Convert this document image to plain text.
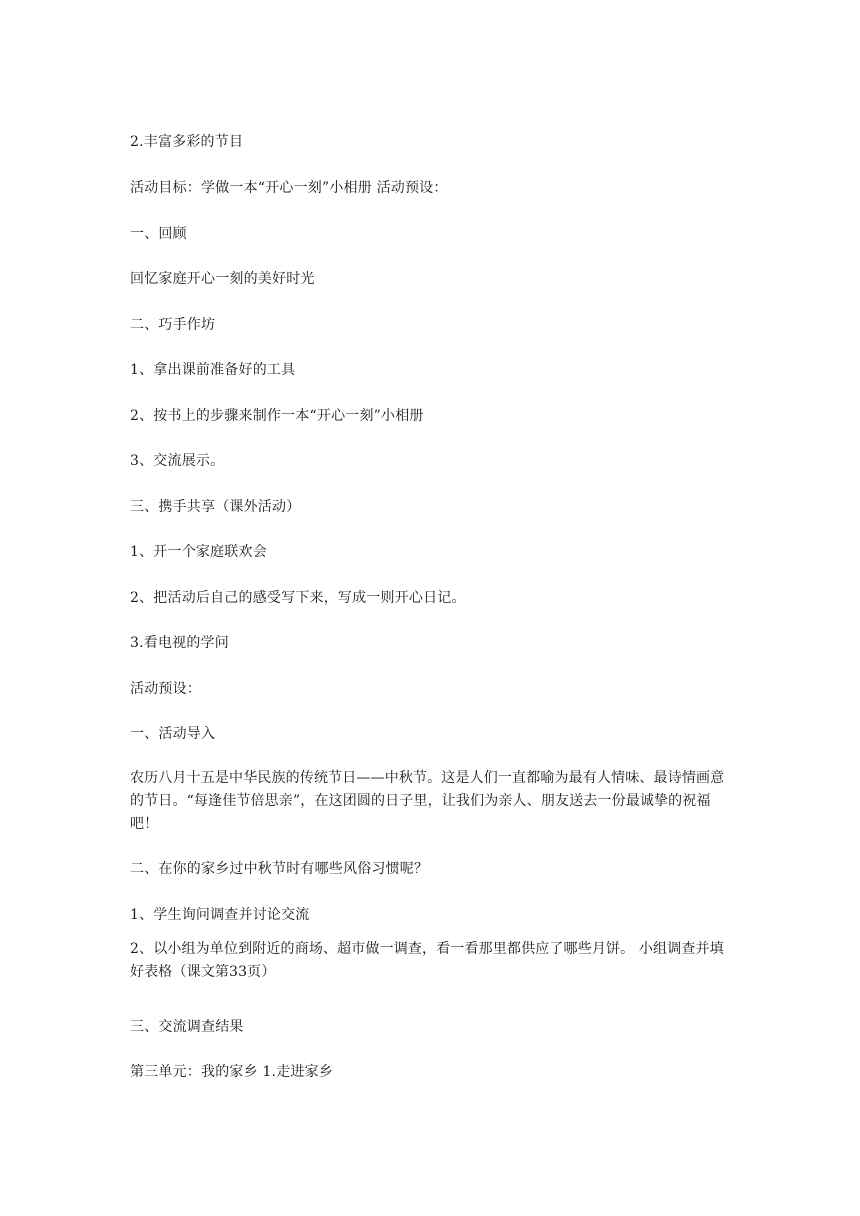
2.丰富多彩的节目
活动目标：学做一本“开心一刻”小相册 活动预设：
一、回顾
回忆家庭开心一刻的美好时光
二、巧手作坊
1、拿出课前准备好的工具
2、按书上的步骤来制作一本“开心一刻”小相册
3、交流展示。
三、携手共享（课外活动）
1、开一个家庭联欢会
2、把活动后自己的感受写下来，写成一则开心日记。
3.看电视的学问
活动预设：
一、活动导入
农历八月十五是中华民族的传统节日——中秋节。这是人们一直都喻为最有人情味、最诗情画意的节日。“每逢佳节倍思亲”，在这团圆的日子里，让我们为亲人、朋友送去一份最诚挚的祝福吧！
二、在你的家乡过中秋节时有哪些风俗习惯呢？
1、学生询问调查并讨论交流
2、以小组为单位到附近的商场、超市做一调查，看一看那里都供应了哪些月饼。 小组调查并填好表格（课文第33页）
三、交流调查结果
第三单元：我的家乡 1.走进家乡
